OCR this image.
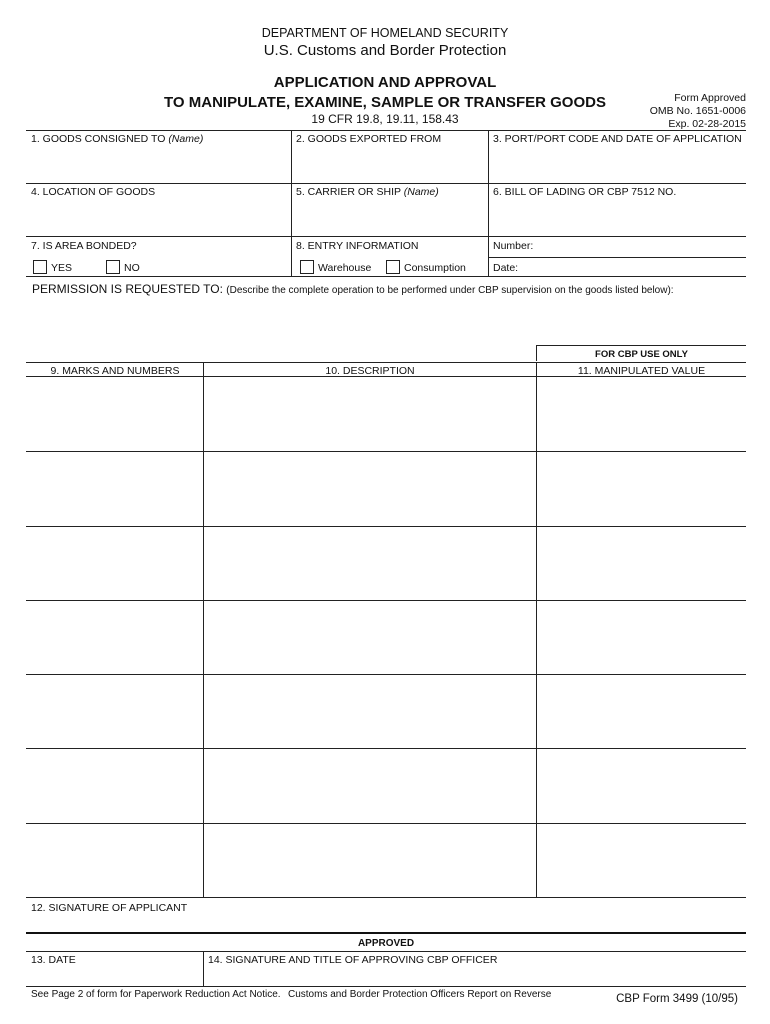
DEPARTMENT OF HOMELAND SECURITY
U.S. Customs and Border Protection
APPLICATION AND APPROVAL
TO MANIPULATE, EXAMINE, SAMPLE OR TRANSFER GOODS
19 CFR 19.8, 19.11, 158.43
Form Approved
OMB No. 1651-0006
Exp. 02-28-2015
1. GOODS CONSIGNED TO (Name)	2. GOODS EXPORTED FROM	3. PORT/PORT CODE AND DATE OF APPLICATION
4. LOCATION OF GOODS	5. CARRIER OR SHIP (Name)	6. BILL OF LADING OR CBP 7512 NO.
7. IS AREA BONDED?
YES	NO
8. ENTRY INFORMATION
Warehouse	Consumption
Number:
Date:
PERMISSION IS REQUESTED TO: (Describe the complete operation to be performed under CBP supervision on the goods listed below):
FOR CBP USE ONLY
9. MARKS AND NUMBERS	10. DESCRIPTION	11. MANIPULATED VALUE
12. SIGNATURE OF APPLICANT
APPROVED
13. DATE	14. SIGNATURE AND TITLE OF APPROVING CBP OFFICER
See Page 2 of form for Paperwork Reduction Act Notice. Customs and Border Protection Officers Report on Reverse	CBP Form 3499 (10/95)
